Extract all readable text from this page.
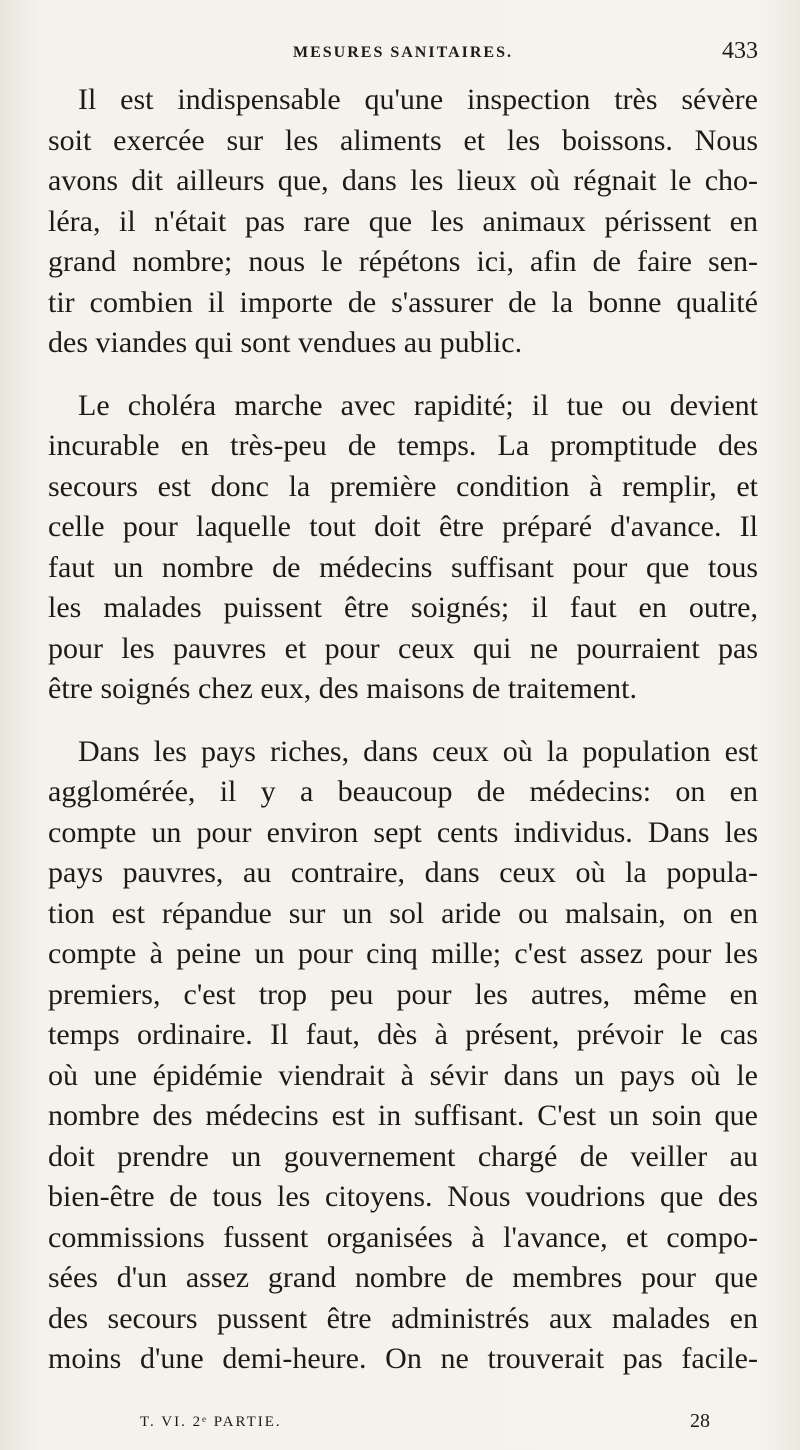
MESURES SANITAIRES.	433
Il est indispensable qu'une inspection très sévère
soit exercée sur les aliments et les boissons. Nous
avons dit ailleurs que, dans les lieux où régnait le cho-
léra, il n'était pas rare que les animaux périssent en
grand nombre; nous le répétons ici, afin de faire sen-
tir combien il importe de s'assurer de la bonne qualité
des viandes qui sont vendues au public.
Le choléra marche avec rapidité; il tue ou devient
incurable en très-peu de temps. La promptitude des
secours est donc la première condition à remplir, et
celle pour laquelle tout doit être préparé d'avance. Il
faut un nombre de médecins suffisant pour que tous
les malades puissent être soignés; il faut en outre,
pour les pauvres et pour ceux qui ne pourraient pas
être soignés chez eux, des maisons de traitement.
Dans les pays riches, dans ceux où la population est
agglomérée, il y a beaucoup de médecins: on en
compte un pour environ sept cents individus. Dans les
pays pauvres, au contraire, dans ceux où la popula-
tion est répandue sur un sol aride ou malsain, on en
compte à peine un pour cinq mille; c'est assez pour les
premiers, c'est trop peu pour les autres, même en
temps ordinaire. Il faut, dès à présent, prévoir le cas
où une épidémie viendrait à sévir dans un pays où le
nombre des médecins est in suffisant. C'est un soin que
doit prendre un gouvernement chargé de veiller au
bien-être de tous les citoyens. Nous voudrions que des
commissions fussent organisées à l'avance, et compo-
sées d'un assez grand nombre de membres pour que
des secours pussent être administrés aux malades en
moins d'une demi-heure. On ne trouverait pas facile-
T. VI. 2ᵉ PARTIE.	28
